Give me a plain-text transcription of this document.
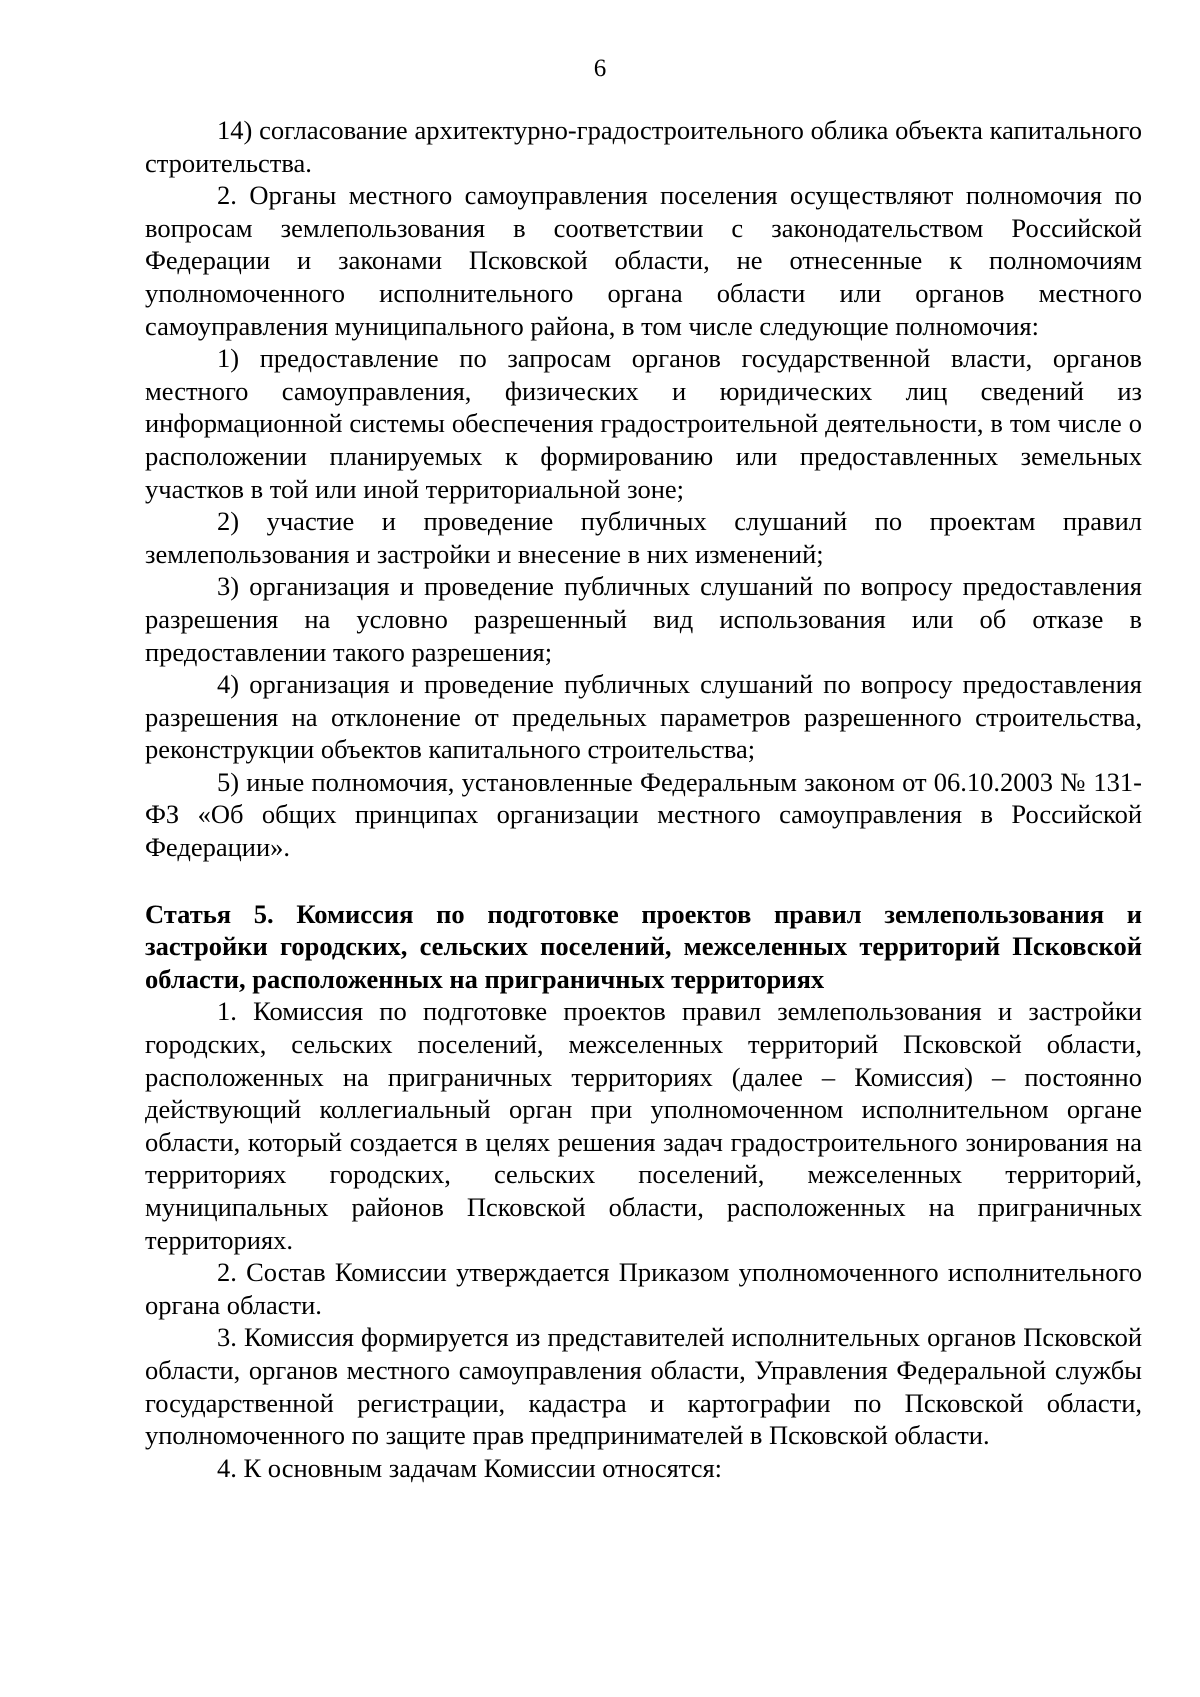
6

14) согласование архитектурно-градостроительного облика объекта капитального строительства.

2. Органы местного самоуправления поселения осуществляют полномочия по вопросам землепользования в соответствии с законодательством Российской Федерации и законами Псковской области, не отнесенные к полномочиям уполномоченного исполнительного органа области или органов местного самоуправления муниципального района, в том числе следующие полномочия:

1) предоставление по запросам органов государственной власти, органов местного самоуправления, физических и юридических лиц сведений из информационной системы обеспечения градостроительной деятельности, в том числе о расположении планируемых к формированию или предоставленных земельных участков в той или иной территориальной зоне;

2) участие и проведение публичных слушаний по проектам правил землепользования и застройки и внесение в них изменений;

3) организация и проведение публичных слушаний по вопросу предоставления разрешения на условно разрешенный вид использования или об отказе в предоставлении такого разрешения;

4) организация и проведение публичных слушаний по вопросу предоставления разрешения на отклонение от предельных параметров разрешенного строительства, реконструкции объектов капитального строительства;

5) иные полномочия, установленные Федеральным законом от 06.10.2003 № 131-ФЗ «Об общих принципах организации местного самоуправления в Российской Федерации».

Статья 5. Комиссия по подготовке проектов правил землепользования и застройки городских, сельских поселений, межселенных территорий Псковской области, расположенных на приграничных территориях

1. Комиссия по подготовке проектов правил землепользования и застройки городских, сельских поселений, межселенных территорий Псковской области, расположенных на приграничных территориях (далее – Комиссия) – постоянно действующий коллегиальный орган при уполномоченном исполнительном органе области, который создается в целях решения задач градостроительного зонирования на территориях городских, сельских поселений, межселенных территорий, муниципальных районов Псковской области, расположенных на приграничных территориях.

2. Состав Комиссии утверждается Приказом уполномоченного исполнительного органа области.

3. Комиссия формируется из представителей исполнительных органов Псковской области, органов местного самоуправления области, Управления Федеральной службы государственной регистрации, кадастра и картографии по Псковской области, уполномоченного по защите прав предпринимателей в Псковской области.

4. К основным задачам Комиссии относятся:
